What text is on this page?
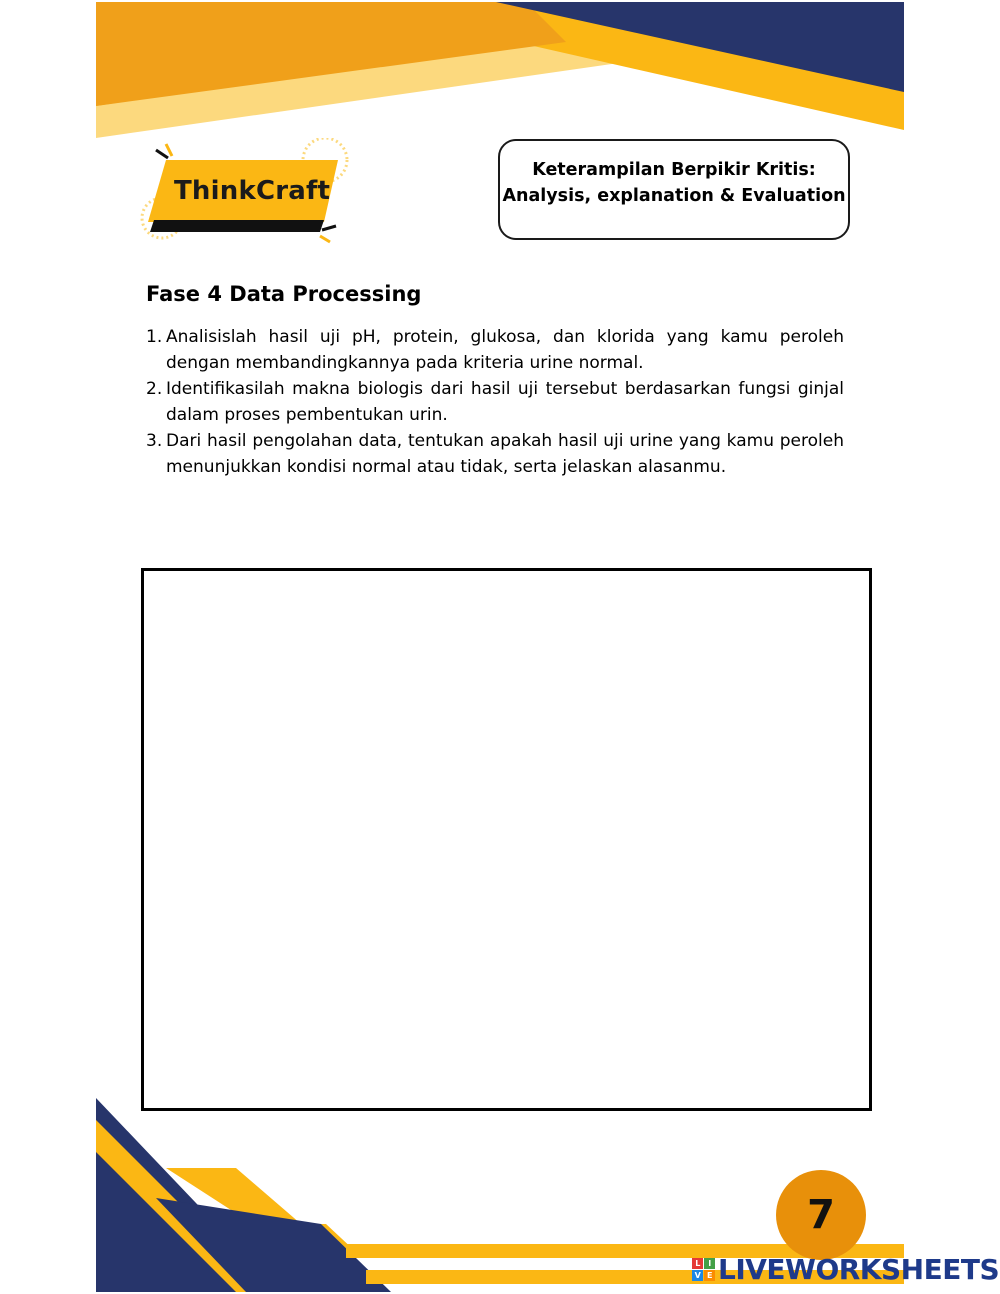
ThinkCraft
Keterampilan Berpikir Kritis:
Analysis, explanation & Evaluation
Fase 4 Data Processing
1. Analisislah hasil uji pH, protein, glukosa, dan klorida yang kamu peroleh dengan membandingkannya pada kriteria urine normal.
2. Identifikasilah makna biologis dari hasil uji tersebut berdasarkan fungsi ginjal dalam proses pembentukan urin.
3. Dari hasil pengolahan data, tentukan apakah hasil uji urine yang kamu peroleh menunjukkan kondisi normal atau tidak, serta jelaskan alasanmu.
7
L	I
V E LIVEWORKSHEETS
